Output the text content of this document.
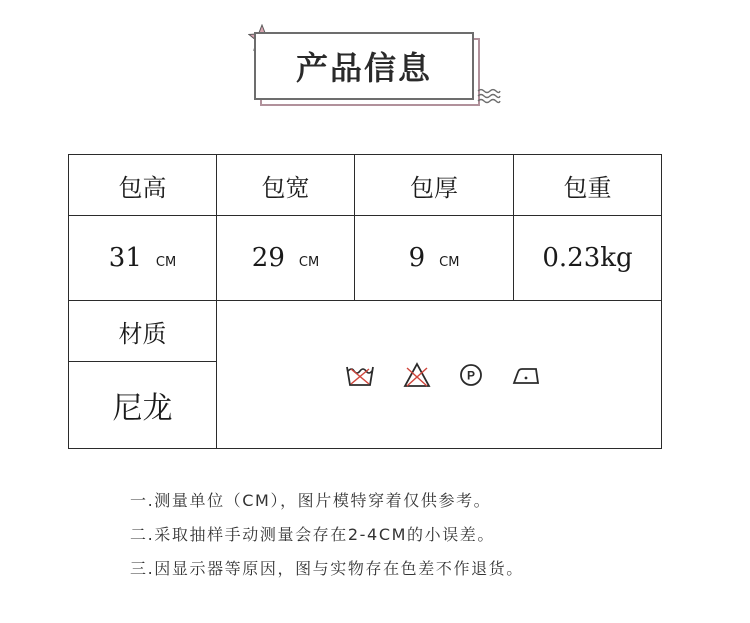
产品信息
包高	包宽	包厚	包重
31 CM	29 CM	9 CM	0.23kg
材质	P		

尼龙			
一.测量单位（CM），图片模特穿着仅供参考。
二.采取抽样手动测量会存在2-4CM的小误差。
三.因显示器等原因，图与实物存在色差不作退货。
